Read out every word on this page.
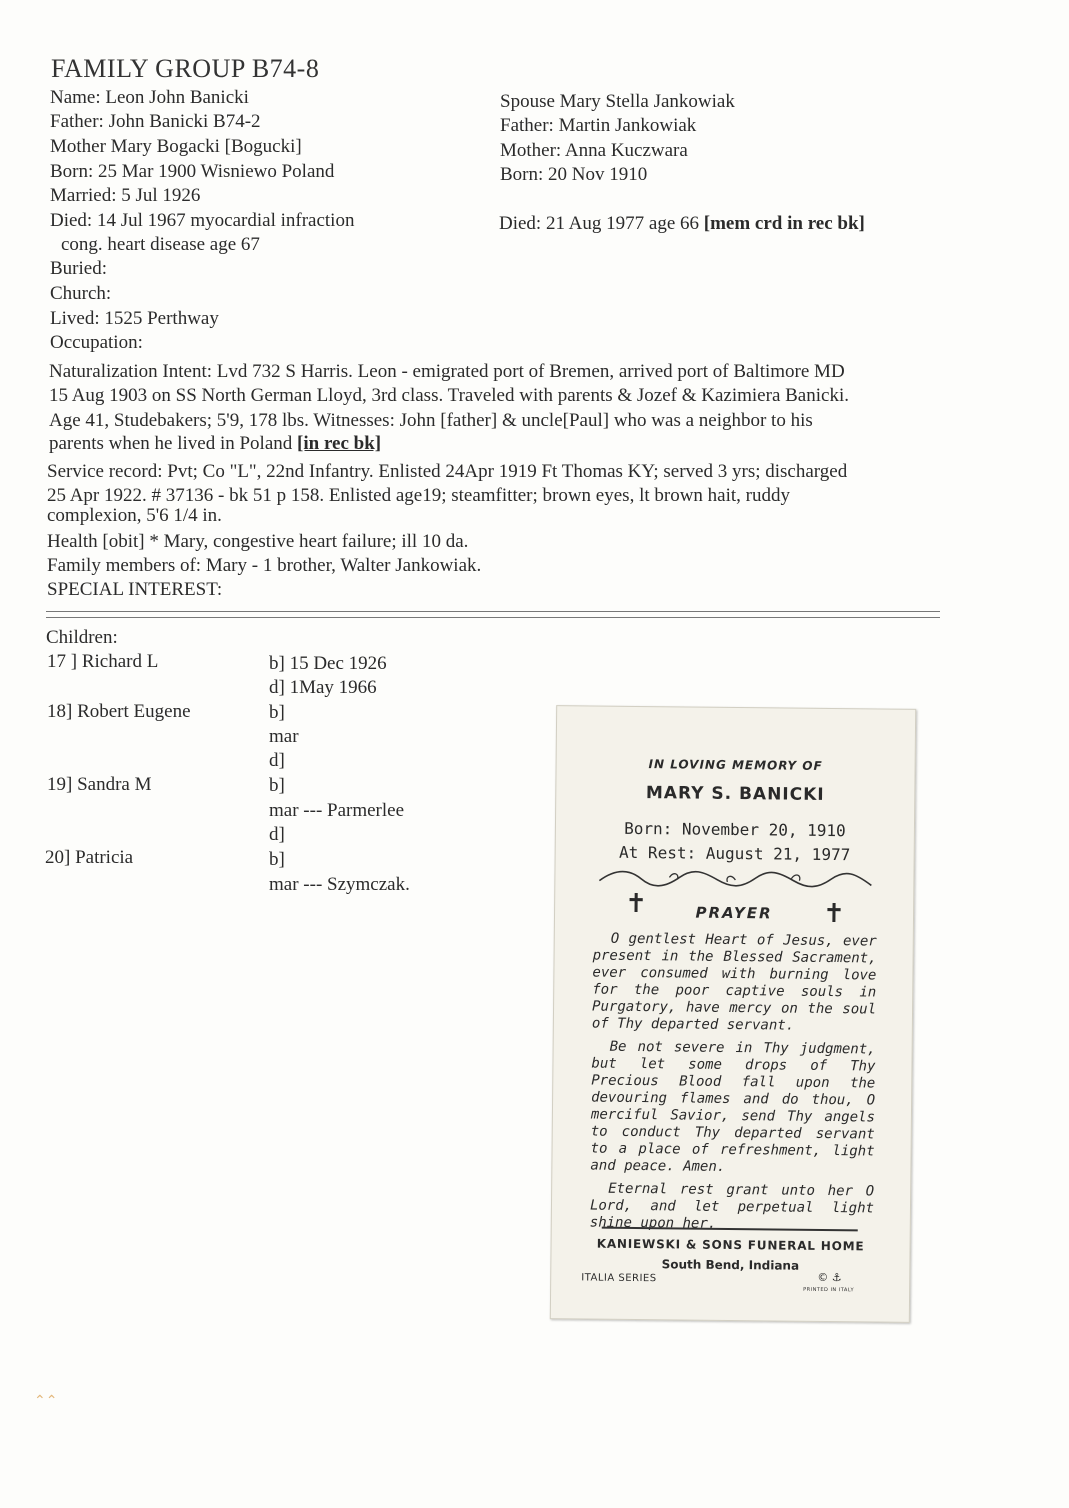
FAMILY GROUP B74-8
Name: Leon John Banicki
Father: John Banicki B74-2
Mother Mary Bogacki [Bogucki]
Born: 25 Mar 1900 Wisniewo Poland
Married: 5 Jul 1926
Died: 14 Jul 1967 myocardial infraction
cong. heart disease age 67
Buried:
Church:
Lived: 1525 Perthway
Occupation:
Spouse Mary Stella Jankowiak
Father: Martin Jankowiak
Mother: Anna Kuczwara
Born: 20 Nov 1910
Died: 21 Aug 1977 age 66 [mem crd in rec bk]
Naturalization Intent: Lvd 732 S Harris. Leon - emigrated port of Bremen, arrived port of Baltimore MD
15 Aug 1903 on SS North German Lloyd, 3rd class. Traveled with parents & Jozef & Kazimiera Banicki.
Age 41, Studebakers; 5'9, 178 lbs. Witnesses: John [father] & uncle[Paul] who was a neighbor to his
parents when he lived in Poland [in rec bk]
Service record: Pvt; Co "L", 22nd Infantry. Enlisted 24Apr 1919 Ft Thomas KY; served 3 yrs; discharged
25 Apr 1922. # 37136 - bk 51 p 158. Enlisted age19; steamfitter; brown eyes, lt brown hait, ruddy
complexion, 5'6 1/4 in.
Health [obit] * Mary, congestive heart failure; ill 10 da.
Family members of: Mary - 1 brother, Walter Jankowiak.
SPECIAL INTEREST:
Children:
17 ] Richard L	b] 15 Dec 1926
d] 1May 1966
18] Robert Eugene	b]
mar
d]
19] Sandra M	b]
mar --- Parmerlee
d]
20] Patricia	b]
mar --- Szymczak.
IN LOVING MEMORY OF
MARY S. BANICKI
Born: November 20, 1910
At Rest: August 21, 1977
✝	PRAYER	✝

O gentlest Heart of Jesus, ever present in the Blessed Sacrament, ever consumed with burning love for the poor captive souls in Purgatory, have mercy on the soul of Thy departed servant.

Be not severe in Thy judgment, but let some drops of Thy Precious Blood fall upon the devouring flames and do thou, O merciful Savior, send Thy angels to conduct Thy departed servant to a place of refreshment, light and peace. Amen.

Eternal rest grant unto her O Lord, and let perpetual light shine upon her.

KANIEWSKI & SONS FUNERAL HOME
South Bend, Indiana
ITALIA SERIES	© ⚓
PRINTED IN ITALY
⌃⌃
